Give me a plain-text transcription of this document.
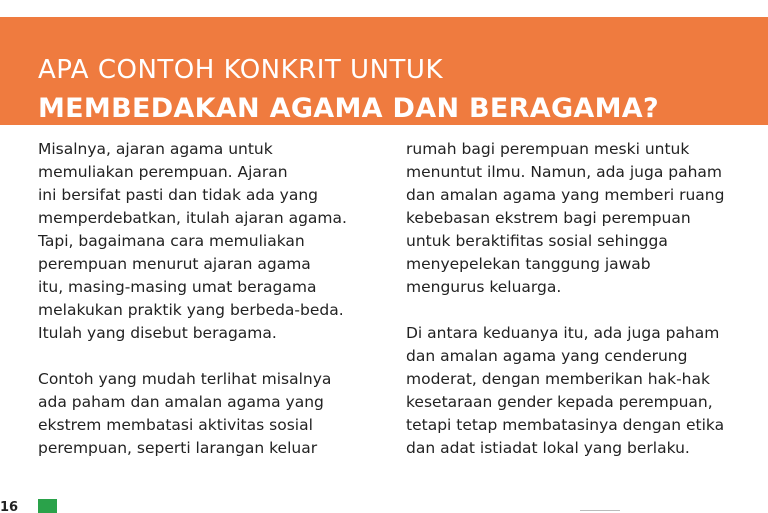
APA CONTOH KONKRIT UNTUK
MEMBEDAKAN AGAMA DAN BERAGAMA?

Misalnya, ajaran agama untuk
memuliakan perempuan. Ajaran
ini bersifat pasti dan tidak ada yang
memperdebatkan, itulah ajaran agama.
Tapi, bagaimana cara memuliakan
perempuan menurut ajaran agama
itu, masing-masing umat beragama
melakukan praktik yang berbeda-beda.
Itulah yang disebut beragama.

Contoh yang mudah terlihat misalnya
ada paham dan amalan agama yang
ekstrem membatasi aktivitas sosial
perempuan, seperti larangan keluar

rumah bagi perempuan meski untuk
menuntut ilmu. Namun, ada juga paham
dan amalan agama yang memberi ruang
kebebasan ekstrem bagi perempuan
untuk beraktifitas sosial sehingga
menyepelekan tanggung jawab
mengurus keluarga.

Di antara keduanya itu, ada juga paham
dan amalan agama yang cenderung
moderat, dengan memberikan hak-hak
kesetaraan gender kepada perempuan,
tetapi tetap membatasinya dengan etika
dan adat istiadat lokal yang berlaku.

16
